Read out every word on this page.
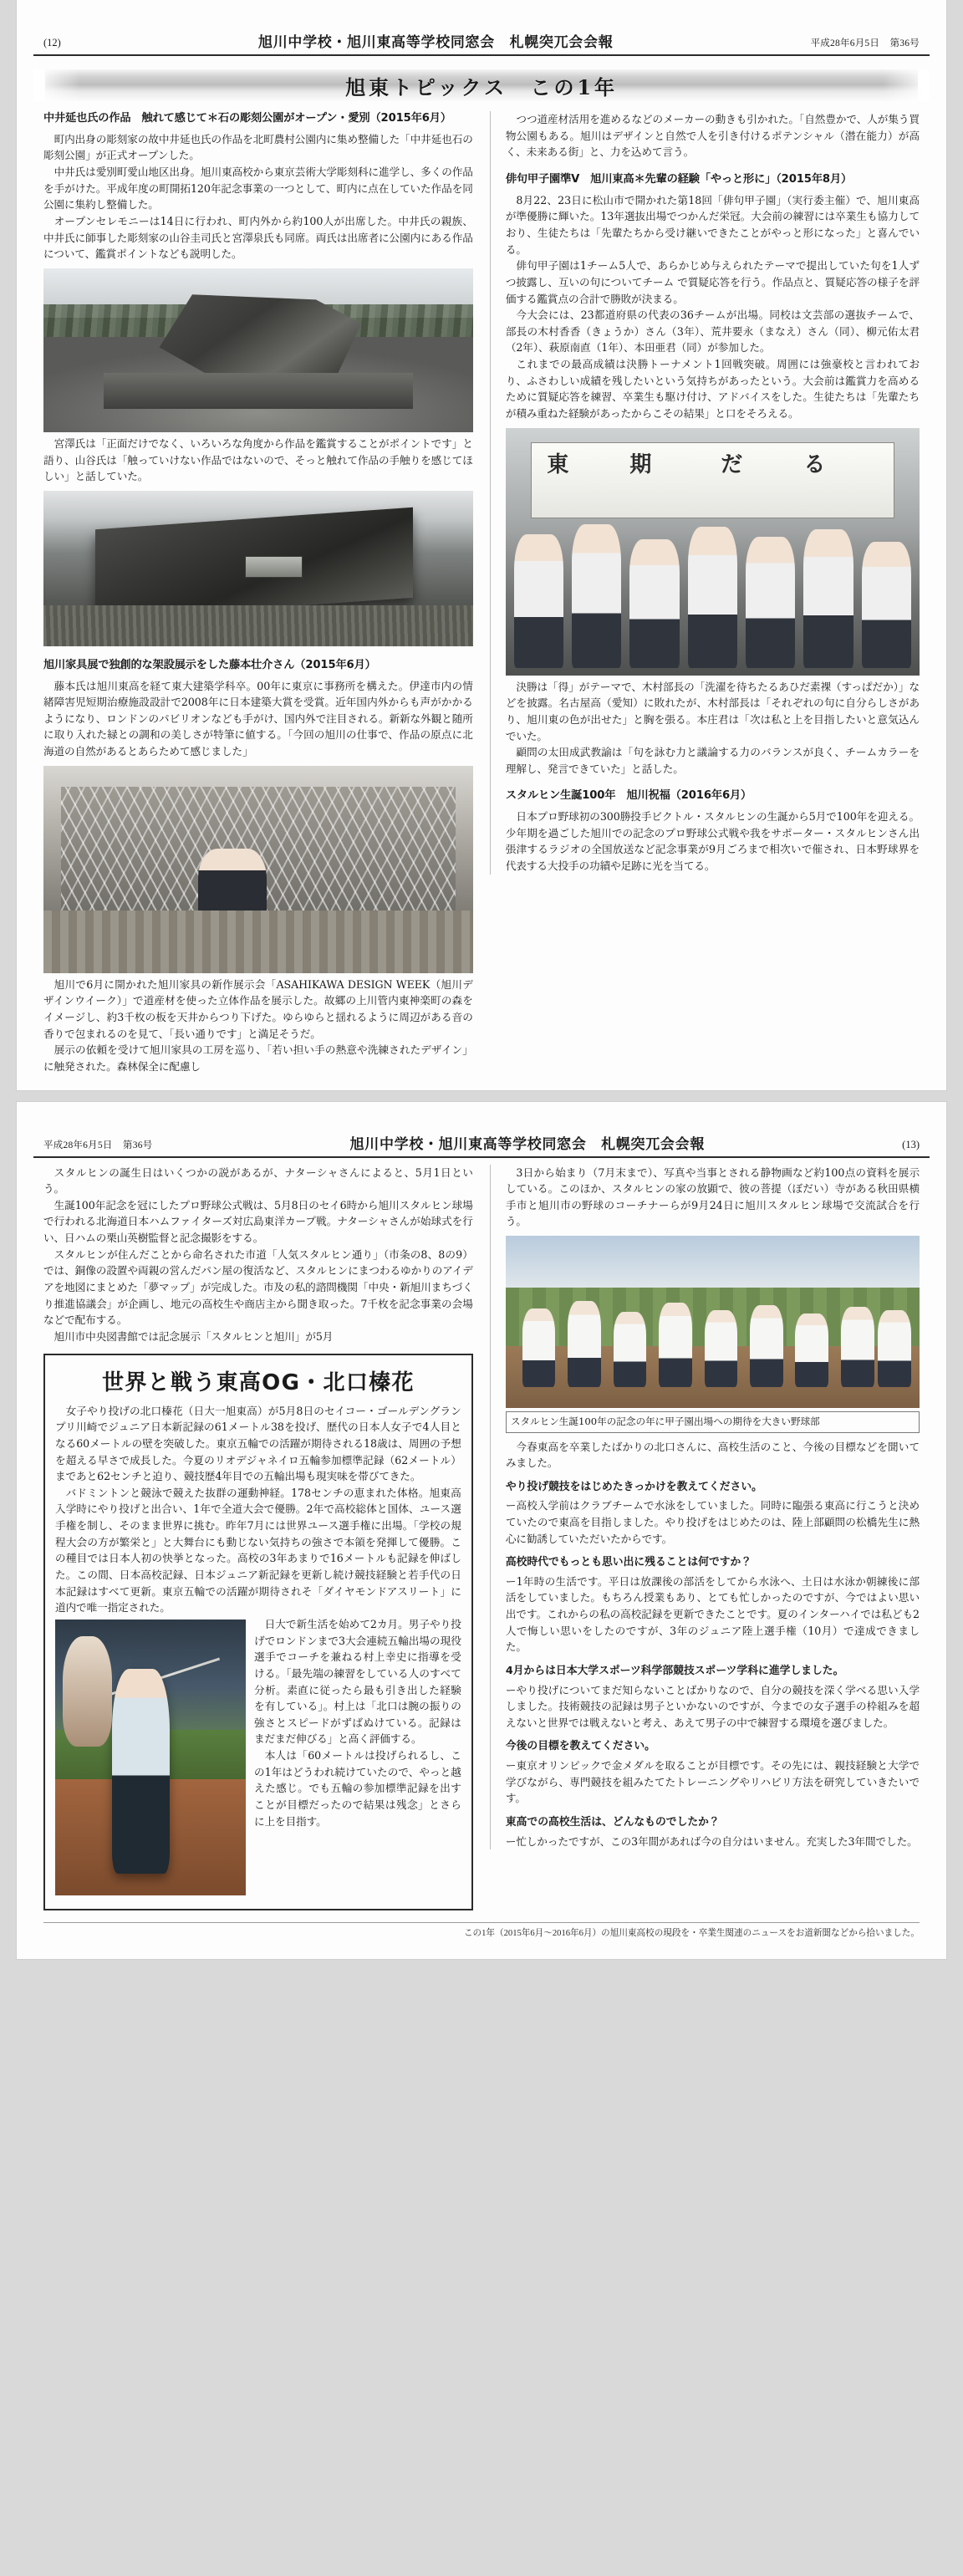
(12)	旭川中学校・旭川東高等学校同窓会　札幌突兀会会報	平成28年6月5日 第36号
旭東トピックス　この1年
中井延也氏の作品　触れて感じて＊石の彫刻公園がオープン・愛別（2015年6月）

町内出身の彫刻家の故中井延也氏の作品を北町農村公園内に集め整備した「中井延也石の彫刻公園」が正式オープンした。

中井氏は愛別町愛山地区出身。旭川東高校から東京芸術大学彫刻科に進学し、多くの作品を手がけた。平成年度の町開拓120年記念事業の一つとして、町内に点在していた作品を同公園に集約し整備した。

オープンセレモニーは14日に行われ、町内外から約100人が出席した。中井氏の親族、中井氏に師事した彫刻家の山谷圭司氏と宮澤泉氏も同席。両氏は出席者に公園内にある作品について、鑑賞ポイントなども説明した。

宮澤氏は「正面だけでなく、いろいろな角度から作品を鑑賞することがポイントです」と語り、山谷氏は「触っていけない作品ではないので、そっと触れて作品の手触りを感じてほしい」と話していた。

旭川家具展で独創的な架設展示をした藤本壮介さん（2015年6月）

藤本氏は旭川東高を経て東大建築学科卒。00年に東京に事務所を構えた。伊達市内の情緒障害児短期治療施設設計で2008年に日本建築大賞を受賞。近年国内外からも声がかかるようになり、ロンドンのパビリオンなども手がけ、国内外で注目される。新新な外観と随所に取り入れた緑との調和の美しさが特筆に値する。「今回の旭川の仕事で、作品の原点に北海道の自然があるとあらためて感じました」

旭川で6月に開かれた旭川家具の新作展示会「ASAHIKAWA DESIGN WEEK（旭川デザインウイーク）」で道産材を使った立体作品を展示した。故郷の上川管内東神楽町の森をイメージし、約3千枚の板を天井からつり下げた。ゆらゆらと揺れるように周辺がある音の香りで包まれるのを見て、「長い通りです」と満足そうだ。

展示の依頼を受けて旭川家具の工房を巡り、「若い担い手の熱意や洗練されたデザイン」に触発された。森林保全に配慮し

つつ道産材活用を進めるなどのメーカーの動きも引かれた。「自然豊かで、人が集う買物公園もある。旭川はデザインと自然で人を引き付けるポテンシャル（潜在能力）が高く、未来ある街」と、力を込めて言う。

俳句甲子園準V　旭川東高＊先輩の経験「やっと形に」（2015年8月）

8月22、23日に松山市で開かれた第18回「俳句甲子園」（実行委主催）で、旭川東高が準優勝に輝いた。13年選抜出場でつかんだ栄冠。大会前の練習には卒業生も協力しており、生徒たちは「先輩たちから受け継いできたことがやっと形になった」と喜んでいる。

俳句甲子園は1チーム5人で、あらかじめ与えられたテーマで提出していた句を1人ずつ披露し、互いの句についてチーム で質疑応答を行う。作品点と、質疑応答の様子を評価する鑑賞点の合計で勝敗が決まる。

今大会には、23都道府県の代表の36チームが出場。同校は文芸部の選抜チームで、部長の木村香香（きょうか）さん（3年）、荒井要永（まなえ）さん（同）、柳元佑太君（2年）、萩原南直（1年）、本田亜君（同）が参加した。

これまでの最高成績は決勝トーナメント1回戦突破。周囲には強豪校と言われており、ふさわしい成績を残したいという気持ちがあったという。大会前は鑑賞力を高めるために質疑応答を練習、卒業生も駆け付け、アドバイスをした。生徒たちは「先輩たちが積み重ねた経験があったからこその結果」と口をそろえる。

東	期	だ	る

決勝は「得」がテーマで、木村部長の「洗濯を待ちたるあひだ素裸（すっぱだか）」などを披露。名古屋高（愛知）に敗れたが、木村部長は「それぞれの句に自分らしさがあり、旭川東の色が出せた」と胸を張る。本庄君は「次は私と上を目指したいと意気込んでいた。

顧問の太田成武教諭は「句を詠む力と議論する力のバランスが良く、チームカラーを理解し、発言できていた」と話した。

スタルヒン生誕100年　旭川祝福（2016年6月）

日本プロ野球初の300勝投手ビクトル・スタルヒンの生誕から5月で100年を迎える。少年期を過ごした旭川での記念のプロ野球公式戦や我をサポーター・スタルヒンさん出張津するラジオの全国放送など記念事業が9月ごろまで相次いで催され、日本野球界を代表する大投手の功績や足跡に光を当てる。

平成28年6月5日 第36号	旭川中学校・旭川東高等学校同窓会　札幌突兀会会報	(13)

スタルヒンの誕生日はいくつかの説があるが、ナターシャさんによると、5月1日という。

生誕100年記念を冠にしたプロ野球公式戦は、5月8日のセイ6時から旭川スタルヒン球場で行われる北海道日本ハムファイターズ対広島東洋カープ戦。ナターシャさんが始球式を行い、日ハムの栗山英樹監督と記念撮影をする。

スタルヒンが住んだことから命名された市道「人気スタルヒン通り」（市条の8、8の9）では、銅像の設置や両親の営んだパン屋の復活など、スタルヒンにまつわるゆかりのアイデアを地図にまとめた「夢マップ」が完成した。市及の私的諮問機関「中央・新旭川まちづくり推進協議会」が企画し、地元の高校生や商店主から聞き取った。7千枚を記念事業の会場などで配布する。

旭川市中央図書館では記念展示「スタルヒンと旭川」が5月

世界と戦う東高OG・北口榛花

女子やり投げの北口榛花（日大一旭東高）が5月8日のセイコー・ゴールデングランプリ川崎でジュニア日本新記録の61メートル38を投げ、歴代の日本人女子で4人目となる60メートルの壁を突破した。東京五輪での活躍が期待される18歳は、周囲の予想を超える早さで成長した。今夏のリオデジャネイロ五輪参加標準記録（62メートル）まであと62センチと迫り、競技歴4年目での五輪出場も現実味を帯びてきた。

バドミントンと競泳で競えた抜群の運動神経。178センチの恵まれた体格。旭東高入学時にやり投げと出合い、1年で全道大会で優勝。2年で高校総体と国体、ユース選手権を制し、そのまま世界に挑む。昨年7月には世界ユース選手権に出場。「学校の規程大会の方が繁栄と」と大舞台にも動じない気持ちの強さで本領を発揮して優勝。この種目では日本人初の快挙となった。高校の3年あまりで16メートルも記録を伸ばした。この間、日本高校記録、日本ジュニア新記録を更新し続け競技経験と若手代の日本記録はすべて更新。東京五輪での活躍が期待されそ「ダイヤモンドアスリート」に道内で唯一指定された。

日大で新生活を始めて2カ月。男子やり投げでロンドンまで3大会連続五輪出場の現役選手でコーチを兼ねる村上幸史に指導を受ける。「最先端の練習をしている人のすべて分析。素直に従ったら最も引き出した経験を有している」。村上は「北口は腕の振りの強さとスピードがずばぬけている。記録はまだまだ伸びる」と高く評価する。

本人は「60メートルは投げられるし、この1年はどうわれ続けていたので、やっと越えた感じ。でも五輪の参加標準記録を出すことが目標だったので結果は残念」とさらに上を目指す。

3日から始まり（7月末まで）、写真や当事とされる静物画など約100点の資料を展示している。このほか、スタルヒンの家の放顕で、彼の菩提（ぼだい）寺がある秋田県横手市と旭川市の野球のコーチナーらが9月24日に旭川スタルヒン球場で交流試合を行う。

スタルヒン生誕100年の記念の年に甲子園出場への期待を大きい野球部

今春東高を卒業したばかりの北口さんに、高校生活のこと、今後の目標などを聞いてみました。

やり投げ競技をはじめたきっかけを教えてください。

ー高校入学前はクラブチームで水泳をしていました。同時に臨張る東高に行こうと決めていたので東高を目指しました。やり投げをはじめたのは、陸上部顧問の松橋先生に熱心に勧誘していただいたからです。

高校時代でもっとも思い出に残ることは何ですか？

ー1年時の生活です。平日は放課後の部活をしてから水泳へ、土日は水泳か朝練後に部活をしていました。もちろん授業もあり、とても忙しかったのですが、今ではよい思い出です。これからの私の高校記録を更新できたことです。夏のインターハイでは私ども2人で悔しい思いをしたのですが、3年のジュニア陸上選手権（10月）で達成できました。

4月からは日本大学スポーツ科学部競技スポーツ学科に進学しました。

ーやり投げについてまだ知らないことばかりなので、自分の競技を深く学べる思い入学しました。技術競技の記録は男子といかないのですが、今までの女子選手の枠組みを超えないと世界では戦えないと考え、あえて男子の中で練習する環境を選びました。

今後の目標を教えてください。

ー東京オリンピックで金メダルを取ることが目標です。その先には、親技経験と大学で学びながら、専門競技を組みたてたトレーニングやリハビリ方法を研究していきたいです。

東高での高校生活は、どんなものでしたか？

ー忙しかったですが、この3年間があれば今の自分はいません。充実した3年間でした。

この1年（2015年6月～2016年6月）の旭川東高校の現段を・卒業生関連のニュースをお道新聞などから拾いました。
